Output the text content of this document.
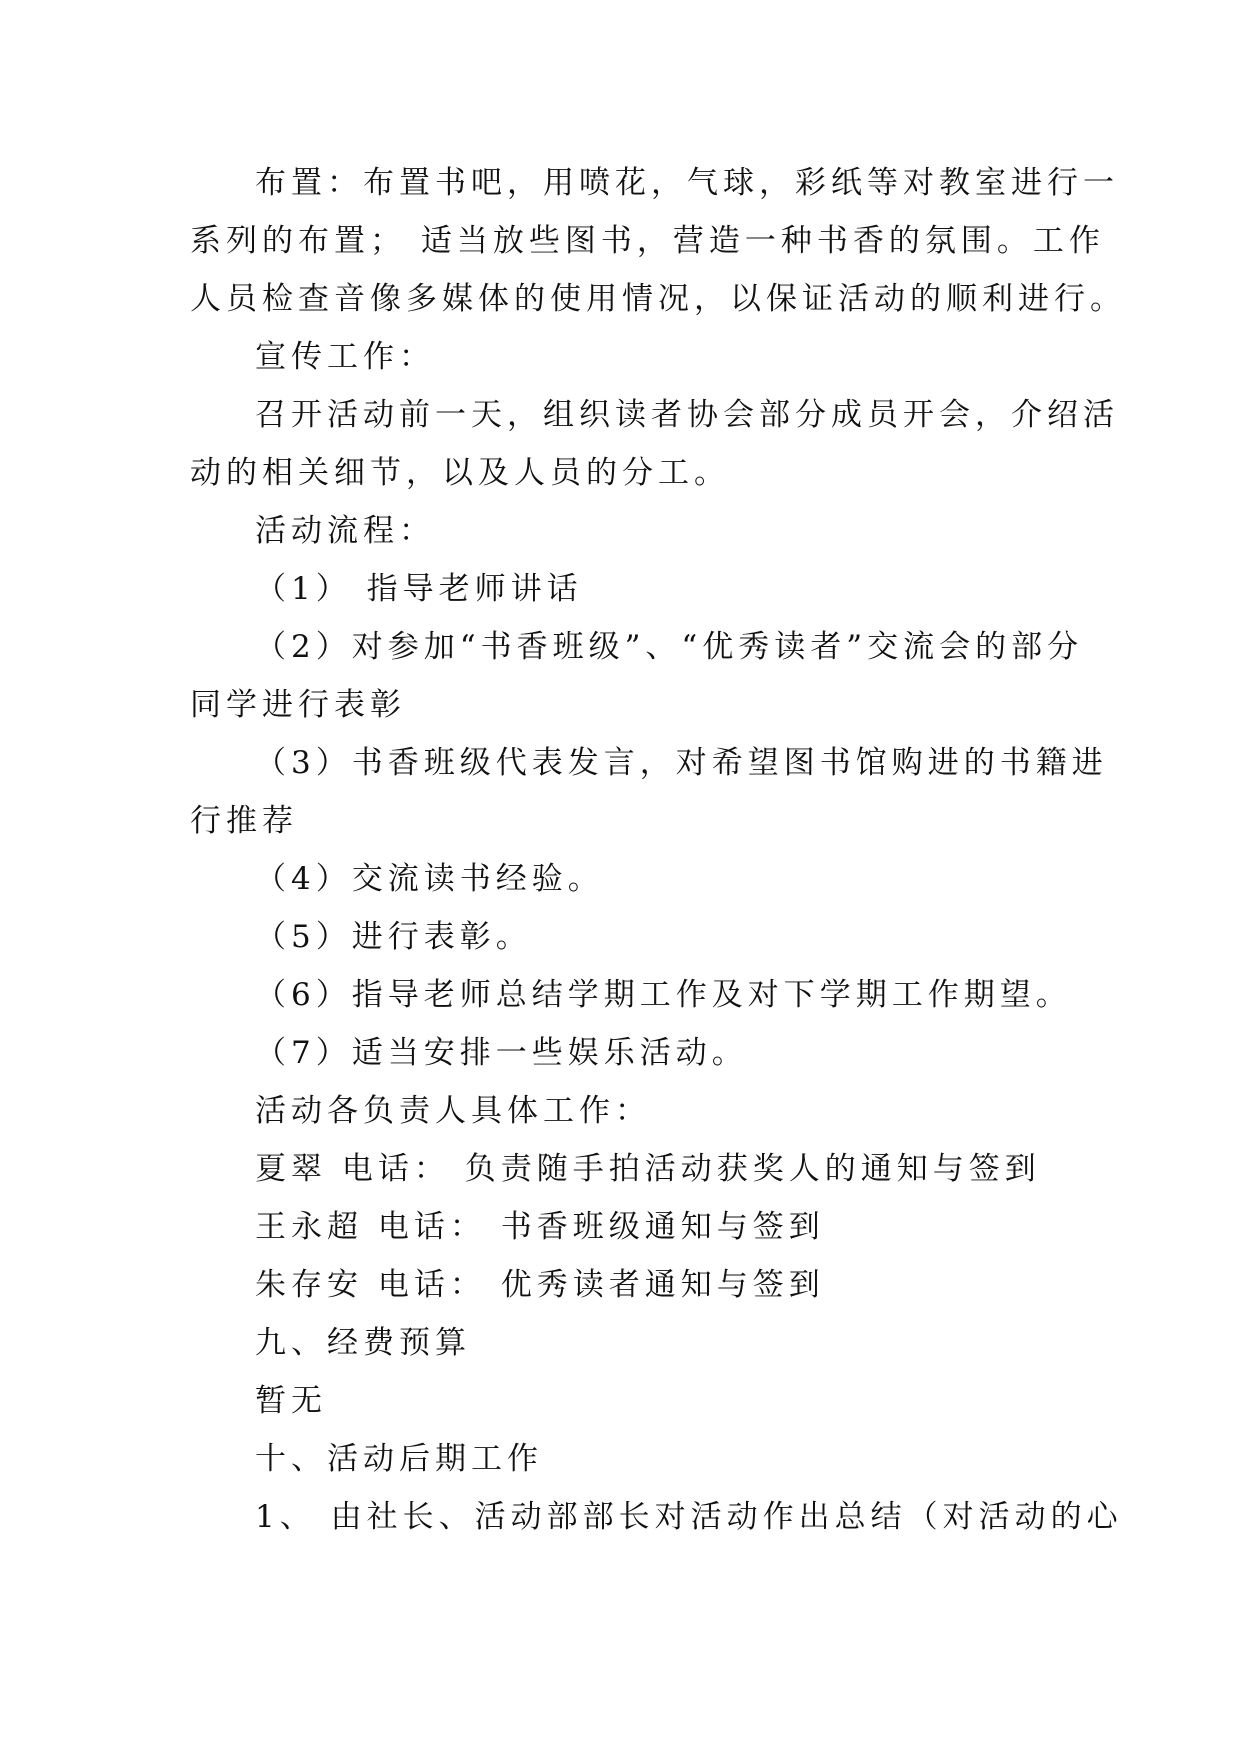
布置：布置书吧，用喷花，气球，彩纸等对教室进行一
系列的布置； 适当放些图书，营造一种书香的氛围。工作
人员检查音像多媒体的使用情况，以保证活动的顺利进行。
宣传工作：
召开活动前一天，组织读者协会部分成员开会，介绍活
动的相关细节，以及人员的分工。
活动流程：
（1） 指导老师讲话
（2）对参加“书香班级”、“优秀读者”交流会的部分
同学进行表彰
（3）书香班级代表发言，对希望图书馆购进的书籍进
行推荐
（4）交流读书经验。
（5）进行表彰。
（6）指导老师总结学期工作及对下学期工作期望。
（7）适当安排一些娱乐活动。
活动各负责人具体工作：
夏翠 电话： 负责随手拍活动获奖人的通知与签到
王永超 电话： 书香班级通知与签到
朱存安 电话： 优秀读者通知与签到
九、经费预算
暂无
十、活动后期工作
1、 由社长、活动部部长对活动作出总结（对活动的心
